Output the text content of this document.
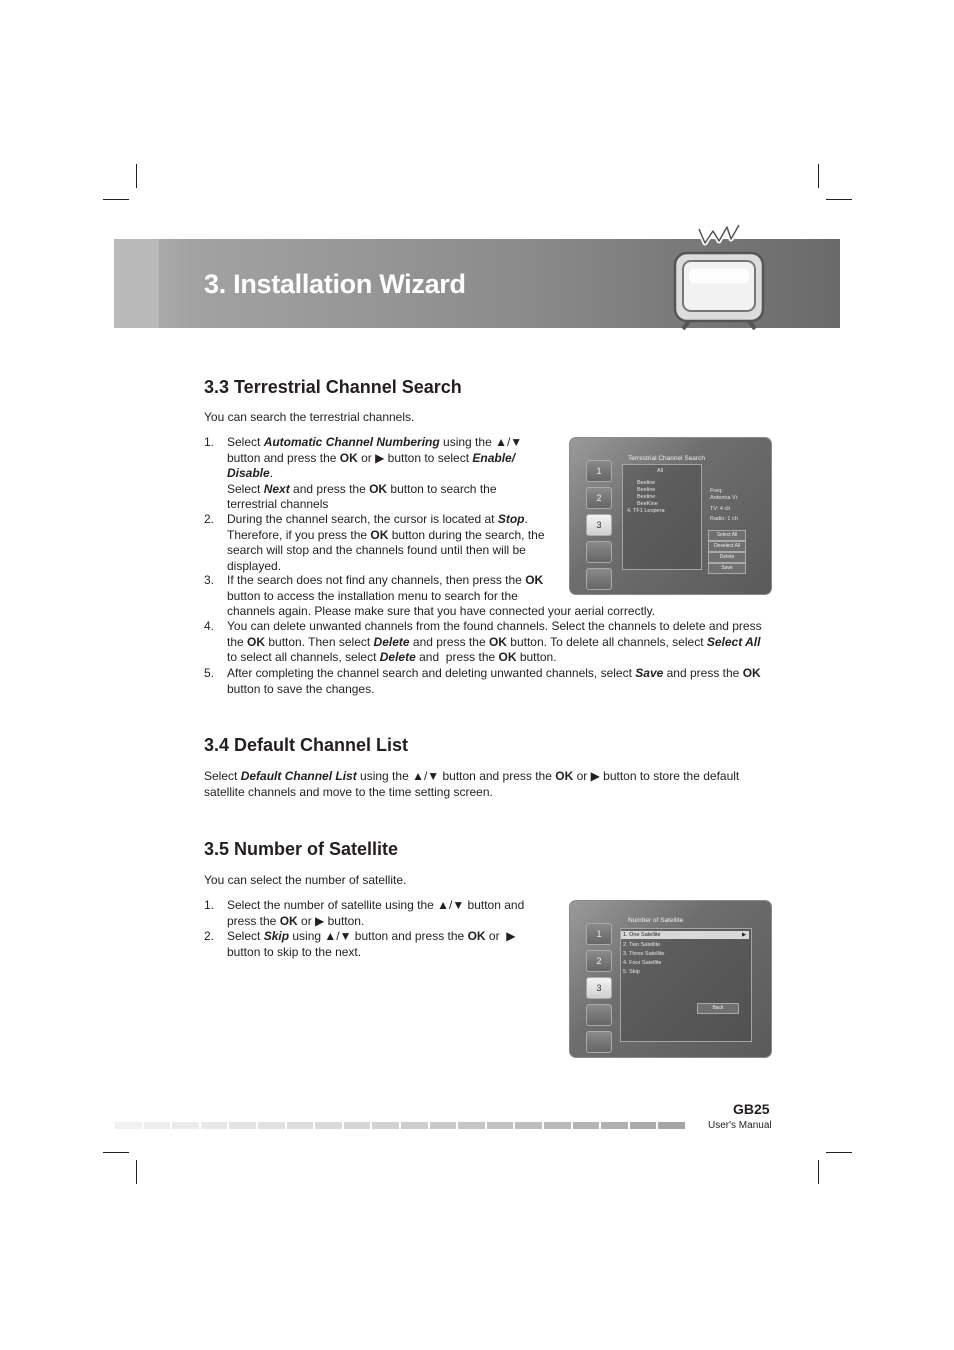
3. Installation Wizard
3.3 Terrestrial Channel Search

You can search the terrestrial channels.

1. Select Automatic Channel Numbering using the ▲/▼ button and press the OK or ▶ button to select Enable/ Disable.
Select Next and press the OK button to search the terrestrial channels

2. During the channel search, the cursor is located at Stop. Therefore, if you press the OK button during the search, the search will stop and the channels found until then will be displayed.

3. If the search does not find any channels, then press the OK button to access the installation menu to search for the

channels again. Please make sure that you have connected your aerial correctly.

4. You can delete unwanted channels from the found channels. Select the channels to delete and press the OK button. Then select Delete and press the OK button. To delete all channels, select Select All to select all channels, select Delete and  press the OK button.

5. After completing the channel search and deleting unwanted channels, select Save and press the OK button to save the changes.

1
2
3
Terrestrial Channel Search
All
Beeline
Beeline
Beeline
BeeKine
4. TF1 Leopera
Freq:
Antenna Vi:
TV: 4 ch
Radio: 1 ch
Select All
Deselect All
Delete
Save
3.4 Default Channel List

Select Default Channel List using the ▲/▼ button and press the OK or ▶ button to store the default satellite channels and move to the time setting screen.

3.5 Number of Satellite

You can select the number of satellite.

1. Select the number of satellite using the ▲/▼ button and press the OK or ▶ button.

2. Select Skip using ▲/▼ button and press the OK or  ▶ button to skip to the next.

1
2
3
Number of Satellite
1. One Satellite	▶
2. Two Satellite
3. Three Satellite
4. Four Satellite
5. Skip
Back
GB25
User's Manual
